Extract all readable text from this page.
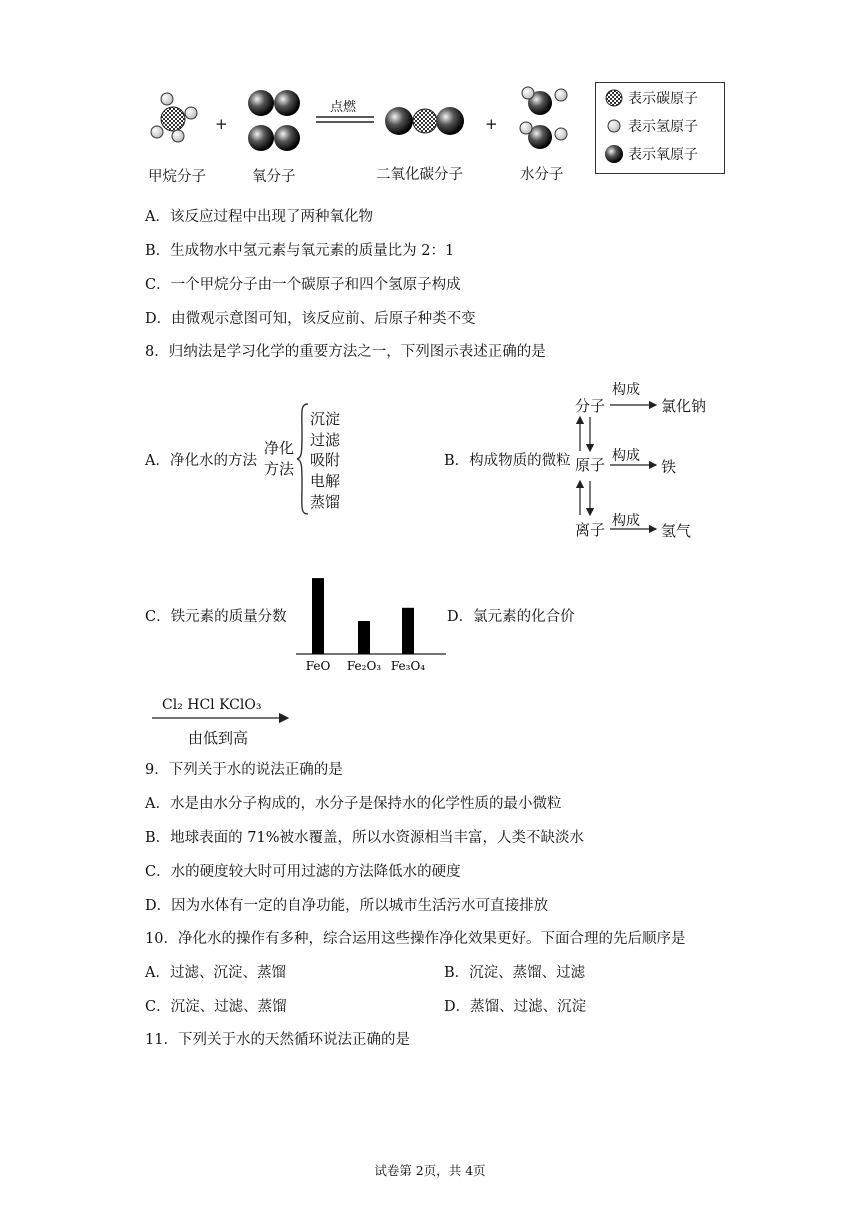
+
点燃
+
甲烷分子	氧分子	二氧化碳分子	水分子
表示碳原子
表示氢原子
表示氧原子
A．该反应过程中出现了两种氧化物
B．生成物水中氢元素与氧元素的质量比为 2：1
C．一个甲烷分子由一个碳原子和四个氢原子构成
D．由微观示意图可知，该反应前、后原子种类不变
8．归纳法是学习化学的重要方法之一，下列图示表述正确的是
A．净化水的方法
净化
方法
沉淀
过滤
吸附
电解
蒸馏
B．构成物质的微粒
分子
原子
离子
构成
构成
构成
氯化钠
铁
氢气
C．铁元素的质量分数
FeO Fe₂O₃ Fe₃O₄
D．氯元素的化合价
Cl₂ HCl KClO₃
由低到高
9．下列关于水的说法正确的是
A．水是由水分子构成的，水分子是保持水的化学性质的最小微粒
B．地球表面的 71%被水覆盖，所以水资源相当丰富，人类不缺淡水
C．水的硬度较大时可用过滤的方法降低水的硬度
D．因为水体有一定的自净功能，所以城市生活污水可直接排放
10．净化水的操作有多种，综合运用这些操作净化效果更好。下面合理的先后顺序是
A．过滤、沉淀、蒸馏	B．沉淀、蒸馏、过滤
C．沉淀、过滤、蒸馏	D．蒸馏、过滤、沉淀
11．下列关于水的天然循环说法正确的是
试卷第 2页，共 4页
